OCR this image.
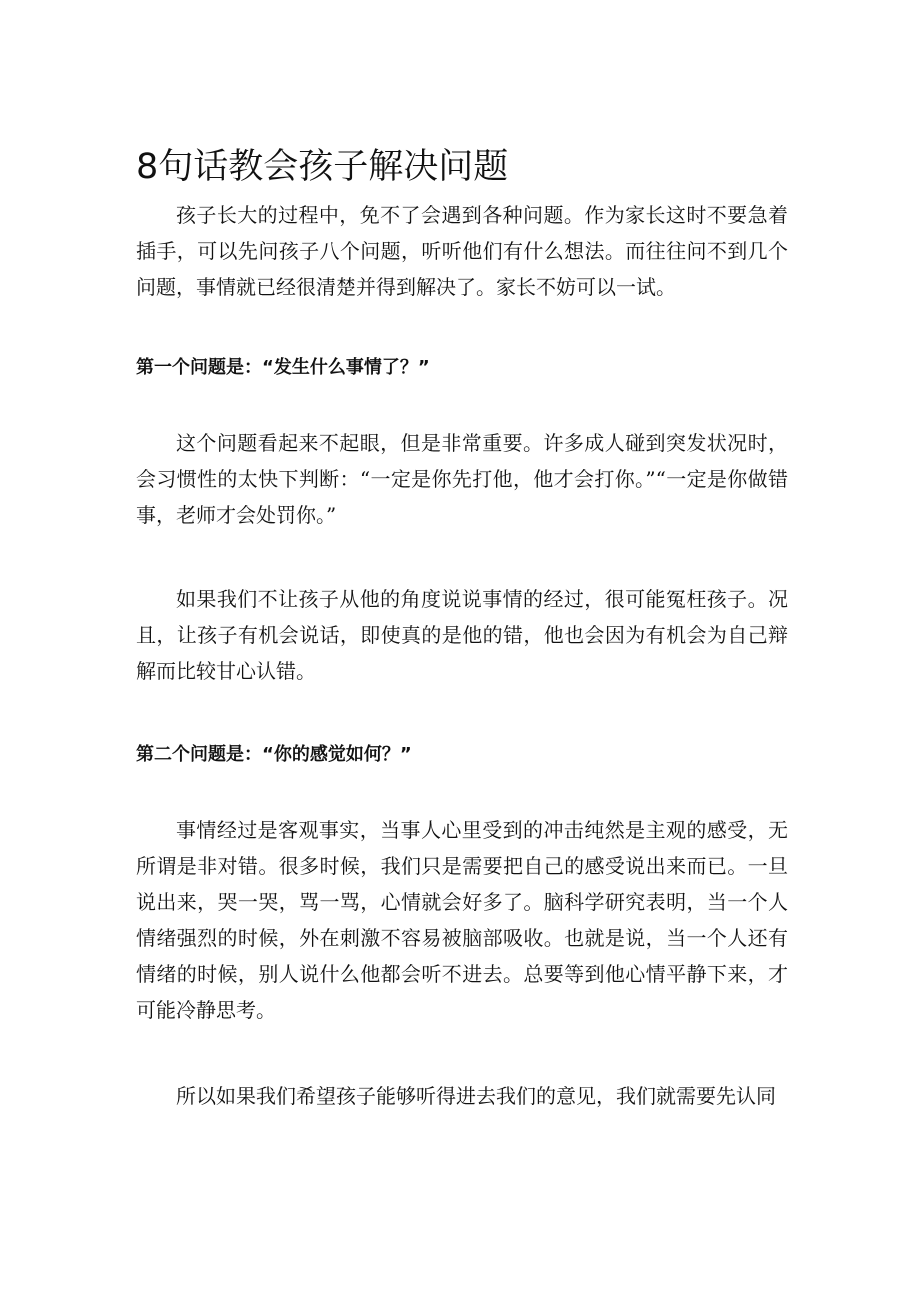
8句话教会孩子解决问题

孩子长大的过程中，免不了会遇到各种问题。作为家长这时不要急着插手，可以先问孩子八个问题，听听他们有什么想法。而往往问不到几个问题，事情就已经很清楚并得到解决了。家长不妨可以一试。

第一个问题是：“发生什么事情了？”

这个问题看起来不起眼，但是非常重要。许多成人碰到突发状况时，会习惯性的太快下判断：“一定是你先打他，他才会打你。”“一定是你做错事，老师才会处罚你。”

如果我们不让孩子从他的角度说说事情的经过，很可能冤枉孩子。况且，让孩子有机会说话，即使真的是他的错，他也会因为有机会为自己辩解而比较甘心认错。

第二个问题是：“你的感觉如何？”

事情经过是客观事实，当事人心里受到的冲击纯然是主观的感受，无所谓是非对错。很多时候，我们只是需要把自己的感受说出来而已。一旦说出来，哭一哭，骂一骂，心情就会好多了。脑科学研究表明，当一个人情绪强烈的时候，外在刺激不容易被脑部吸收。也就是说，当一个人还有情绪的时候，别人说什么他都会听不进去。总要等到他心情平静下来，才可能冷静思考。

所以如果我们希望孩子能够听得进去我们的意见，我们就需要先认同
